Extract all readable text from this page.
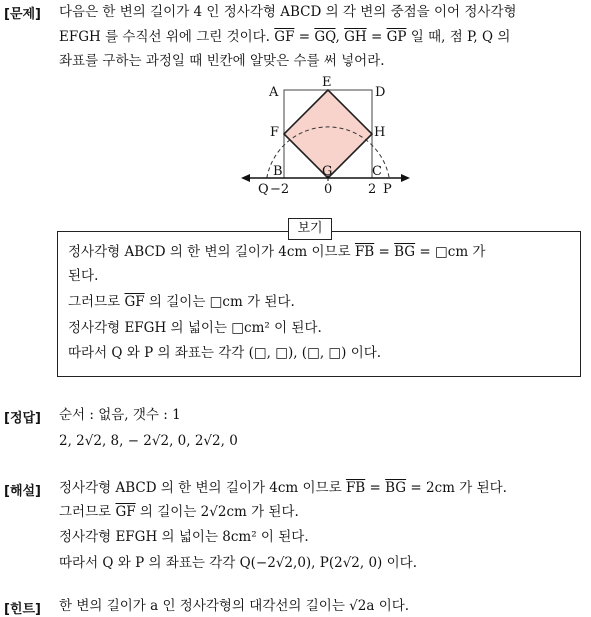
[문제] 다음은 한 변의 길이가 4 인 정사각형 ABCD 의 각 변의 중점을 이어 정사각형
EFGH 를 수직선 위에 그린 것이다. $\overline{GF} = \overline{GQ}$, $\overline{GH} = \overline{GP}$ 일 때, 점 P, Q 의
좌표를 구하는 과정일 때 빈칸에 알맞은 수를 써 넣어라.
A
E
D
F	H
B	G	C
Q −2	0	2 P
보기
정사각형 ABCD 의 한 변의 길이가 4cm 이므로 $\overline{FB} = \overline{BG}$ = □cm 가
된다.
그러므로 $\overline{GF}$ 의 길이는 □cm 가 된다.
정사각형 EFGH 의 넓이는 □cm² 이 된다.
따라서 Q 와 P 의 좌표는 각각 (□, □), (□, □) 이다.
[정답] 순서 : 없음, 갯수 : 1
2, 2√2, 8, − 2√2, 0, 2√2, 0
[해설] 정사각형 ABCD 의 한 변의 길이가 4cm 이므로 $\overline{FB} = \overline{BG} = 2cm$ 가 된다.
그러므로 $\overline{GF}$ 의 길이는 2√2cm 가 된다.
정사각형 EFGH 의 넓이는 8cm² 이 된다.
따라서 Q 와 P 의 좌표는 각각 Q(−2√2,0), P(2√2, 0) 이다.
[힌트] 한 변의 길이가 a 인 정사각형의 대각선의 길이는 √2a 이다.
